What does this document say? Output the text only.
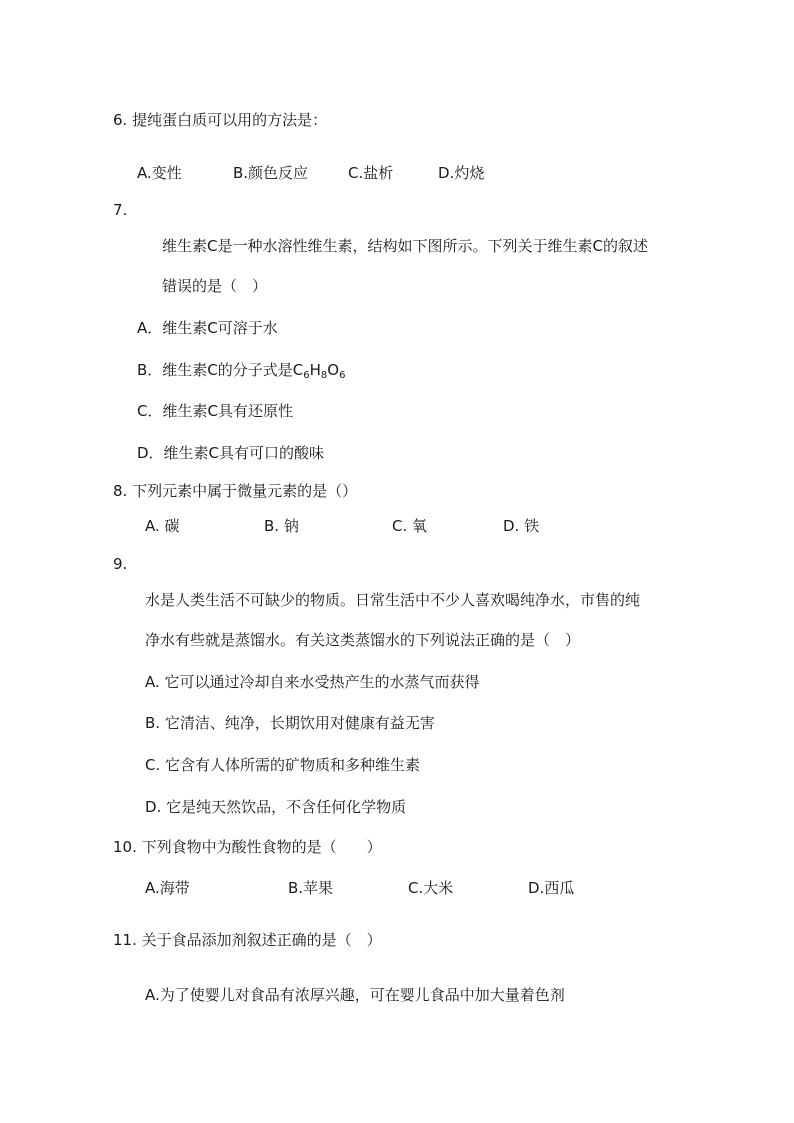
6. 提纯蛋白质可以用的方法是：
A.变性	B.颜色反应	C.盐析	D.灼烧
7.
维生素C是一种水溶性维生素，结构如下图所示。下列关于维生素C的叙述
错误的是（　）
A．维生素C可溶于水
B．维生素C的分子式是$C_6H_8O_6$
C．维生素C具有还原性
D．维生素C具有可口的酸味
8. 下列元素中属于微量元素的是（）
A. 碳	B. 钠	C. 氧	D. 铁
9.
水是人类生活不可缺少的物质。日常生活中不少人喜欢喝纯净水，市售的纯
净水有些就是蒸馏水。有关这类蒸馏水的下列说法正确的是（　）
A. 它可以通过冷却自来水受热产生的水蒸气而获得
B. 它清洁、纯净，长期饮用对健康有益无害
C. 它含有人体所需的矿物质和多种维生素
D. 它是纯天然饮品，不含任何化学物质
10. 下列食物中为酸性食物的是（　　）
A.海带	B.苹果	C.大米	D.西瓜
11. 关于食品添加剂叙述正确的是（　）
A.为了使婴儿对食品有浓厚兴趣，可在婴儿食品中加大量着色剂
